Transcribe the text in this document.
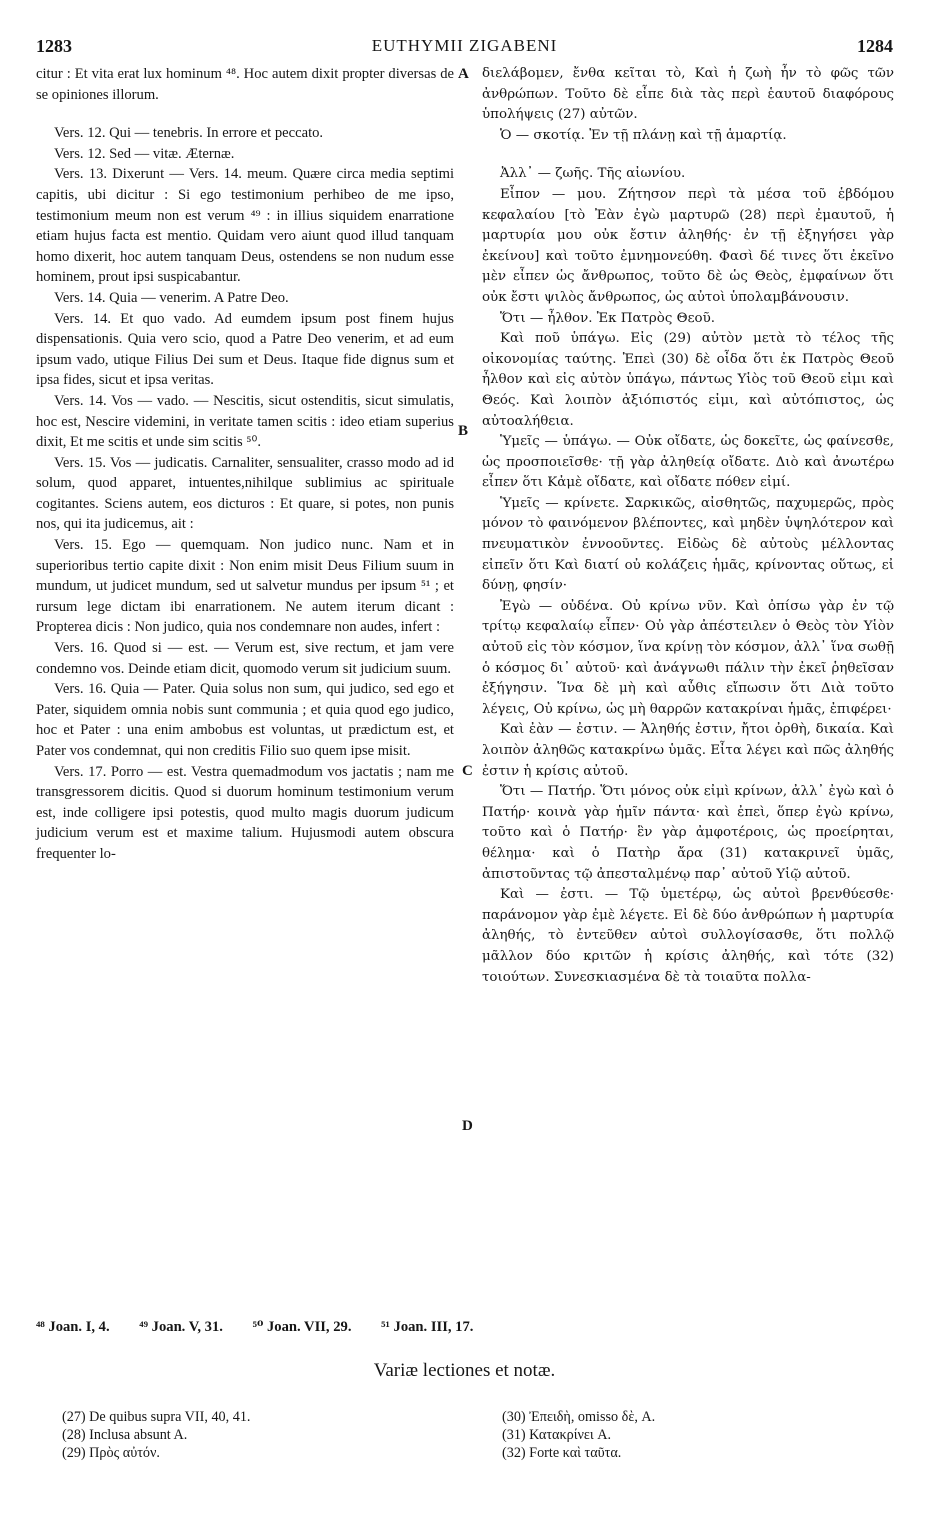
1283	EUTHYMII ZIGABENI	1284

citur : Et vita erat lux hominum ⁴⁸. Hoc autem dixit propter diversas de se opiniones illorum.

Vers. 12. Qui — tenebris. In errore et peccato.

Vers. 12. Sed — vitæ. Æternæ.

Vers. 13. Dixerunt — Vers. 14. meum. Quære circa media septimi capitis, ubi dicitur : Si ego testimonium perhibeo de me ipso, testimonium meum non est verum ⁴⁹ : in illius siquidem enarratione etiam hujus facta est mentio. Quidam vero aiunt quod illud tanquam homo dixerit, hoc autem tanquam Deus, ostendens se non nudum esse hominem, prout ipsi suspicabantur.

Vers. 14. Quia — venerim. A Patre Deo.

Vers. 14. Et quo vado. Ad eumdem ipsum post finem hujus dispensationis. Quia vero scio, quod a Patre Deo venerim, et ad eum ipsum vado, utique Filius Dei sum et Deus. Itaque fide dignus sum et ipsa fides, sicut et ipsa veritas.

Vers. 14. Vos — vado. — Nescitis, sicut ostenditis, sicut simulatis, hoc est, Nescire videmini, in veritate tamen scitis : ideo etiam superius dixit, Et me scitis et unde sim scitis ⁵⁰.

Vers. 15. Vos — judicatis. Carnaliter, sensualiter, crasso modo ad id solum, quod apparet, intuentes,nihilque sublimius ac spirituale cogitantes. Sciens autem, eos dicturos : Et quare, si potes, non punis nos, qui ita judicemus, ait :

Vers. 15. Ego — quemquam. Non judico nunc. Nam et in superioribus tertio capite dixit : Non enim misit Deus Filium suum in mundum, ut judicet mundum, sed ut salvetur mundus per ipsum ⁵¹ ; et rursum lege dictam ibi enarrationem. Ne autem iterum dicant : Propterea dicis : Non judico, quia nos condemnare non audes, infert :

Vers. 16. Quod si — est. — Verum est, sive rectum, et jam vere condemno vos. Deinde etiam dicit, quomodo verum sit judicium suum.

Vers. 16. Quia — Pater. Quia solus non sum, qui judico, sed ego et Pater, siquidem omnia nobis sunt communia ; et quia quod ego judico, hoc et Pater : una enim ambobus est voluntas, ut prædictum est, et Pater vos condemnat, qui non creditis Filio suo quem ipse misit.

Vers. 17. Porro — est. Vestra quemadmodum vos jactatis ; nam me transgressorem dicitis. Quod si duorum hominum testimonium verum est, inde colligere ipsi potestis, quod multo magis duorum judicum judicium verum est et maxime talium. Hujusmodi autem obscura frequenter lo-

A
B
C
D

διελάβομεν, ἔνθα κεῖται τὸ, Καὶ ἡ ζωὴ ἦν τὸ φῶς τῶν ἀνθρώπων. Τοῦτο δὲ εἶπε διὰ τὰς περὶ ἑαυτοῦ διαφόρους ὑπολήψεις (27) αὐτῶν.

Ὁ — σκοτίᾳ. Ἐν τῇ πλάνῃ καὶ τῇ ἁμαρτίᾳ.

Ἀλλ᾽ — ζωῆς. Τῆς αἰωνίου.

Εἶπον — μου. Ζήτησον περὶ τὰ μέσα τοῦ ἑβδόμου κεφαλαίου [τὸ Ἐὰν ἐγὼ μαρτυρῶ (28) περὶ ἐμαυτοῦ, ἡ μαρτυρία μου οὐκ ἔστιν ἀληθής· ἐν τῇ ἐξηγήσει γὰρ ἐκείνου] καὶ τοῦτο ἐμνημονεύθη. Φασὶ δέ τινες ὅτι ἐκεῖνο μὲν εἶπεν ὡς ἄνθρωπος, τοῦτο δὲ ὡς Θεὸς, ἐμφαίνων ὅτι οὐκ ἔστι ψιλὸς ἄνθρωπος, ὡς αὐτοὶ ὑπολαμβάνουσιν.

Ὅτι — ἦλθον. Ἐκ Πατρὸς Θεοῦ.

Καὶ ποῦ ὑπάγω. Εἰς (29) αὐτὸν μετὰ τὸ τέλος τῆς οἰκονομίας ταύτης. Ἐπεὶ (30) δὲ οἶδα ὅτι ἐκ Πατρὸς Θεοῦ ἦλθον καὶ εἰς αὐτὸν ὑπάγω, πάντως Υἱὸς τοῦ Θεοῦ εἰμι καὶ Θεός. Καὶ λοιπὸν ἀξιόπιστός εἰμι, καὶ αὐτόπιστος, ὡς αὐτοαλήθεια.

Ὑμεῖς — ὑπάγω. — Οὐκ οἴδατε, ὡς δοκεῖτε, ὡς φαίνεσθε, ὡς προσποιεῖσθε· τῇ γὰρ ἀληθείᾳ οἴδατε. Διὸ καὶ ἀνωτέρω εἶπεν ὅτι Κἀμὲ οἴδατε, καὶ οἴδατε πόθεν εἰμί.

Ὑμεῖς — κρίνετε. Σαρκικῶς, αἰσθητῶς, παχυμερῶς, πρὸς μόνον τὸ φαινόμενον βλέποντες, καὶ μηδὲν ὑψηλότερον καὶ πνευματικὸν ἐννοοῦντες. Εἰδὼς δὲ αὐτοὺς μέλλοντας εἰπεῖν ὅτι Καὶ διατί οὐ κολάζεις ἡμᾶς, κρίνοντας οὕτως, εἰ δύνῃ, φησίν·

Ἐγὼ — οὐδένα. Οὐ κρίνω νῦν. Καὶ ὀπίσω γὰρ ἐν τῷ τρίτῳ κεφαλαίῳ εἶπεν· Οὐ γὰρ ἀπέστειλεν ὁ Θεὸς τὸν Υἱὸν αὐτοῦ εἰς τὸν κόσμον, ἵνα κρίνῃ τὸν κόσμον, ἀλλ᾽ ἵνα σωθῇ ὁ κόσμος δι᾽ αὐτοῦ· καὶ ἀνάγνωθι πάλιν τὴν ἐκεῖ ῥηθεῖσαν ἐξήγησιν. Ἵνα δὲ μὴ καὶ αὖθις εἴπωσιν ὅτι Διὰ τοῦτο λέγεις, Οὐ κρίνω, ὡς μὴ θαρρῶν κατακρίναι ἡμᾶς, ἐπιφέρει·

Καὶ ἐὰν — ἐστιν. — Ἀληθής ἐστιν, ἤτοι ὀρθὴ, δικαία. Καὶ λοιπὸν ἀληθῶς κατακρίνω ὑμᾶς. Εἶτα λέγει καὶ πῶς ἀληθής ἐστιν ἡ κρίσις αὐτοῦ.

Ὅτι — Πατήρ. Ὅτι μόνος οὐκ εἰμὶ κρίνων, ἀλλ᾽ ἐγὼ καὶ ὁ Πατήρ· κοινὰ γὰρ ἡμῖν πάντα· καὶ ἐπεὶ, ὅπερ ἐγὼ κρίνω, τοῦτο καὶ ὁ Πατήρ· ἓν γὰρ ἀμφοτέροις, ὡς προείρηται, θέλημα· καὶ ὁ Πατὴρ ἄρα (31) κατακρινεῖ ὑμᾶς, ἀπιστοῦντας τῷ ἀπεσταλμένῳ παρ᾽ αὐτοῦ Υἱῷ αὐτοῦ.

Καὶ — ἐστι. — Τῷ ὑμετέρῳ, ὡς αὐτοὶ βρενθύεσθε· παράνομον γὰρ ἐμὲ λέγετε. Εἰ δὲ δύο ἀνθρώπων ἡ μαρτυρία ἀληθής, τὸ ἐντεῦθεν αὐτοὶ συλλογίσασθε, ὅτι πολλῷ μᾶλλον δύο κριτῶν ἡ κρίσις ἀληθής, καὶ τότε (32) τοιούτων. Συνεσκιασμένα δὲ τὰ τοιαῦτα πολλα-

⁴⁸ Joan. I, 4. ⁴⁹ Joan. V, 31. ⁵⁰ Joan. VII, 29. ⁵¹ Joan. III, 17.
Variæ lectiones et notæ.
(27) De quibus supra VII, 40, 41.
(28) Inclusa absunt A.
(29) Πρὸς αὐτόν.
(30) Ἐπειδὴ, omisso δὲ, A.
(31) Κατακρίνει A.
(32) Forte καὶ ταῦτα.
